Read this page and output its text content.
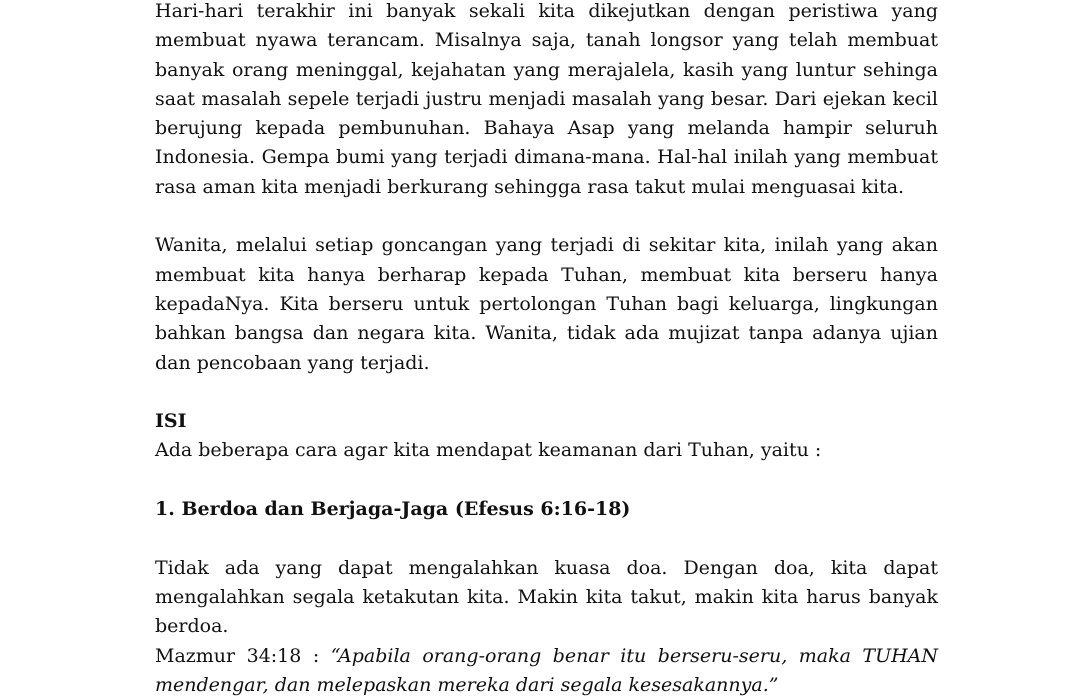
Hari-hari terakhir ini banyak sekali kita dikejutkan dengan peristiwa yang membuat nyawa terancam. Misalnya saja, tanah longsor yang telah membuat banyak orang meninggal, kejahatan yang merajalela, kasih yang luntur sehinga saat masalah sepele terjadi justru menjadi masalah yang besar. Dari ejekan kecil berujung kepada pembunuhan. Bahaya Asap yang melanda hampir seluruh Indonesia. Gempa bumi yang terjadi dimana-mana. Hal-hal inilah yang membuat rasa aman kita menjadi berkurang sehingga rasa takut mulai menguasai kita.

Wanita, melalui setiap goncangan yang terjadi di sekitar kita, inilah yang akan membuat kita hanya berharap kepada Tuhan, membuat kita berseru hanya kepadaNya. Kita berseru untuk pertolongan Tuhan bagi keluarga, lingkungan bahkan bangsa dan negara kita. Wanita, tidak ada mujizat tanpa adanya ujian dan pencobaan yang terjadi.

ISI

Ada beberapa cara agar kita mendapat keamanan dari Tuhan, yaitu :

1. Berdoa dan Berjaga-Jaga (Efesus 6:16-18)

Tidak ada yang dapat mengalahkan kuasa doa. Dengan doa, kita dapat mengalahkan segala ketakutan kita. Makin kita takut, makin kita harus banyak berdoa.

Mazmur 34:18 : “Apabila orang-orang benar itu berseru-seru, maka TUHAN mendengar, dan melepaskan mereka dari segala kesesakannya.”
